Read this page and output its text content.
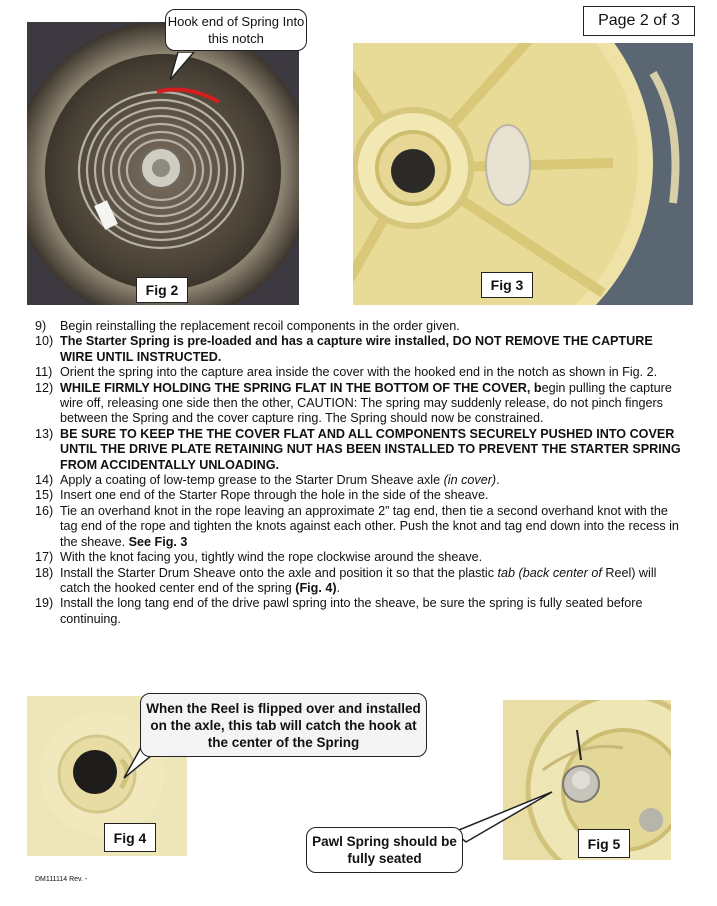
Page 2 of 3
Fig 2
Hook end of Spring Into this notch
Fig 3
9)	Begin reinstalling the replacement recoil components in the order given.
10) The Starter Spring is pre-loaded and has a capture wire installed, DO NOT REMOVE THE CAPTURE WIRE UNTIL INSTRUCTED.
11) Orient the spring into the capture area inside the cover with the hooked end in the notch as shown in Fig. 2.
12) WHILE FIRMLY HOLDING THE SPRING FLAT IN THE BOTTOM OF THE COVER, begin pulling the capture wire off, releasing one side then the other, CAUTION: The spring may suddenly release, do not pinch fingers between the Spring and the cover capture ring. The Spring should now be constrained.
13) BE SURE TO KEEP THE THE COVER FLAT AND ALL COMPONENTS SECURELY PUSHED INTO COVER UNTIL THE DRIVE PLATE RETAINING NUT HAS BEEN INSTALLED TO PREVENT THE STARTER SPRING FROM ACCIDENTALLY UNLOADING.
14) Apply a coating of low-temp grease to the Starter Drum Sheave axle (in cover).
15) Insert one end of the Starter Rope through the hole in the side of the sheave.
16) Tie an overhand knot in the rope leaving an approximate 2” tag end, then tie a second overhand knot with the tag end of the rope and tighten the knots against each other. Push the knot and tag end down into the recess in the sheave. See Fig. 3
17) With the knot facing you, tightly wind the rope clockwise around the sheave.
18) Install the Starter Drum Sheave onto the axle and position it so that the plastic tab (back center of Reel) will catch the hooked center end of the spring (Fig. 4).
19) Install the long tang end of the drive pawl spring into the sheave, be sure the spring is fully seated before continuing.
Fig 4
When the Reel is flipped over and installed on the axle, this tab will catch the hook at the center of the Spring
Fig 5
Pawl Spring should be fully seated
DM111114 Rev. -
